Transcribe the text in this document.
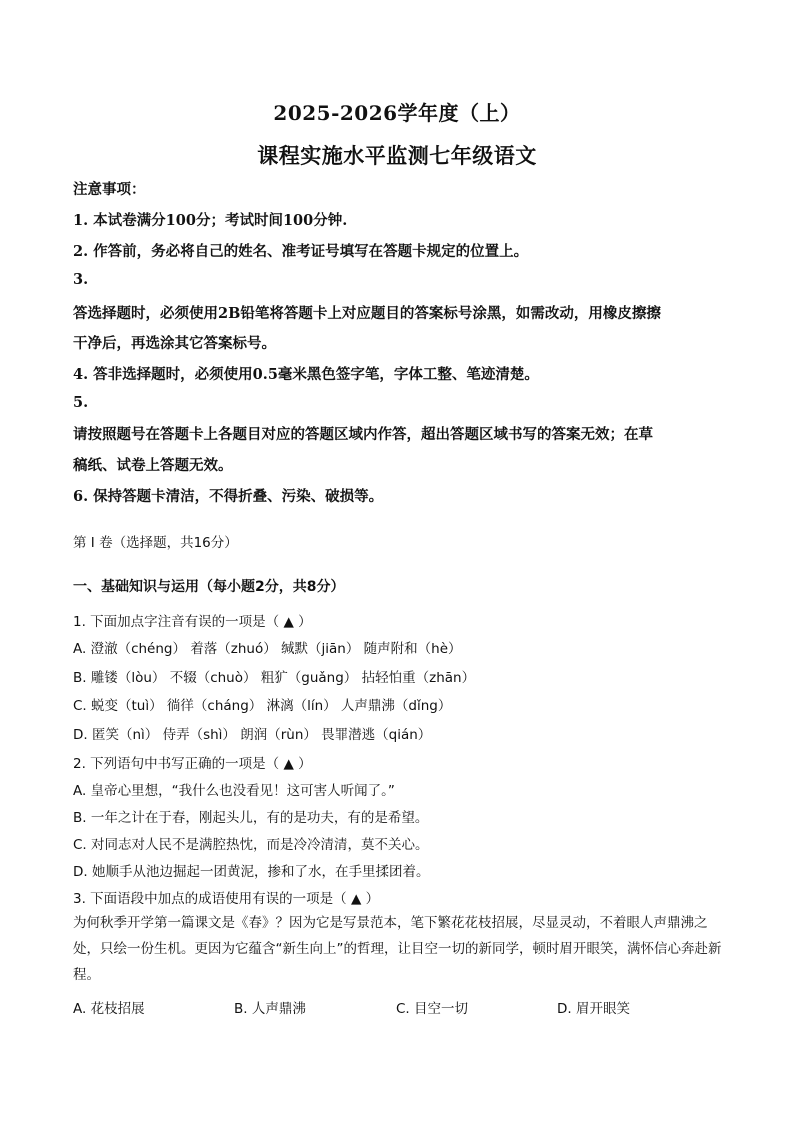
2025-2026学年度（上）
课程实施水平监测七年级语文
注意事项：
1. 本试卷满分100分；考试时间100分钟.
2. 作答前，务必将自己的姓名、准考证号填写在答题卡规定的位置上。
3.
答选择题时，必须使用2B铅笔将答题卡上对应题目的答案标号涂黑，如需改动，用橡皮擦擦
干净后，再选涂其它答案标号。
4. 答非选择题时，必须使用0.5毫米黑色签字笔，字体工整、笔迹清楚。
5.
请按照题号在答题卡上各题目对应的答题区域内作答，超出答题区域书写的答案无效；在草
稿纸、试卷上答题无效。
6. 保持答题卡清洁，不得折叠、污染、破损等。
第 I 卷（选择题，共16分）
一、基础知识与运用（每小题2分，共8分）
1. 下面加点字注音有误的一项是（ ▲ ）
A. 澄澈（chéng） 着落（zhuó） 缄默（jiān） 随声附和（hè）
B. 雕镂（lòu） 不辍（chuò） 粗犷（guǎng） 拈轻怕重（zhān）
C. 蜕变（tuì） 徜徉（cháng） 淋漓（lín） 人声鼎沸（dǐng）
D. 匿笑（nì） 侍弄（shì） 朗润（rùn） 畏罪潜逃（qián）
2. 下列语句中书写正确的一项是（ ▲ ）
A. 皇帝心里想，“我什么也没看见！这可害人听闻了。”
B. 一年之计在于春，刚起头儿，有的是功夫，有的是希望。
C. 对同志对人民不是满腔热忱，而是冷冷清清，莫不关心。
D. 她顺手从池边掘起一团黄泥，掺和了水，在手里揉团着。
3. 下面语段中加点的成语使用有误的一项是（ ▲ ）
为何秋季开学第一篇课文是《春》？因为它是写景范本，笔下繁花花枝招展，尽显灵动，不着眼人声鼎沸之处，只绘一份生机。更因为它蕴含“新生向上”的哲理，让目空一切的新同学，顿时眉开眼笑，满怀信心奔赴新程。
A. 花枝招展	B. 人声鼎沸	C. 目空一切	D. 眉开眼笑
